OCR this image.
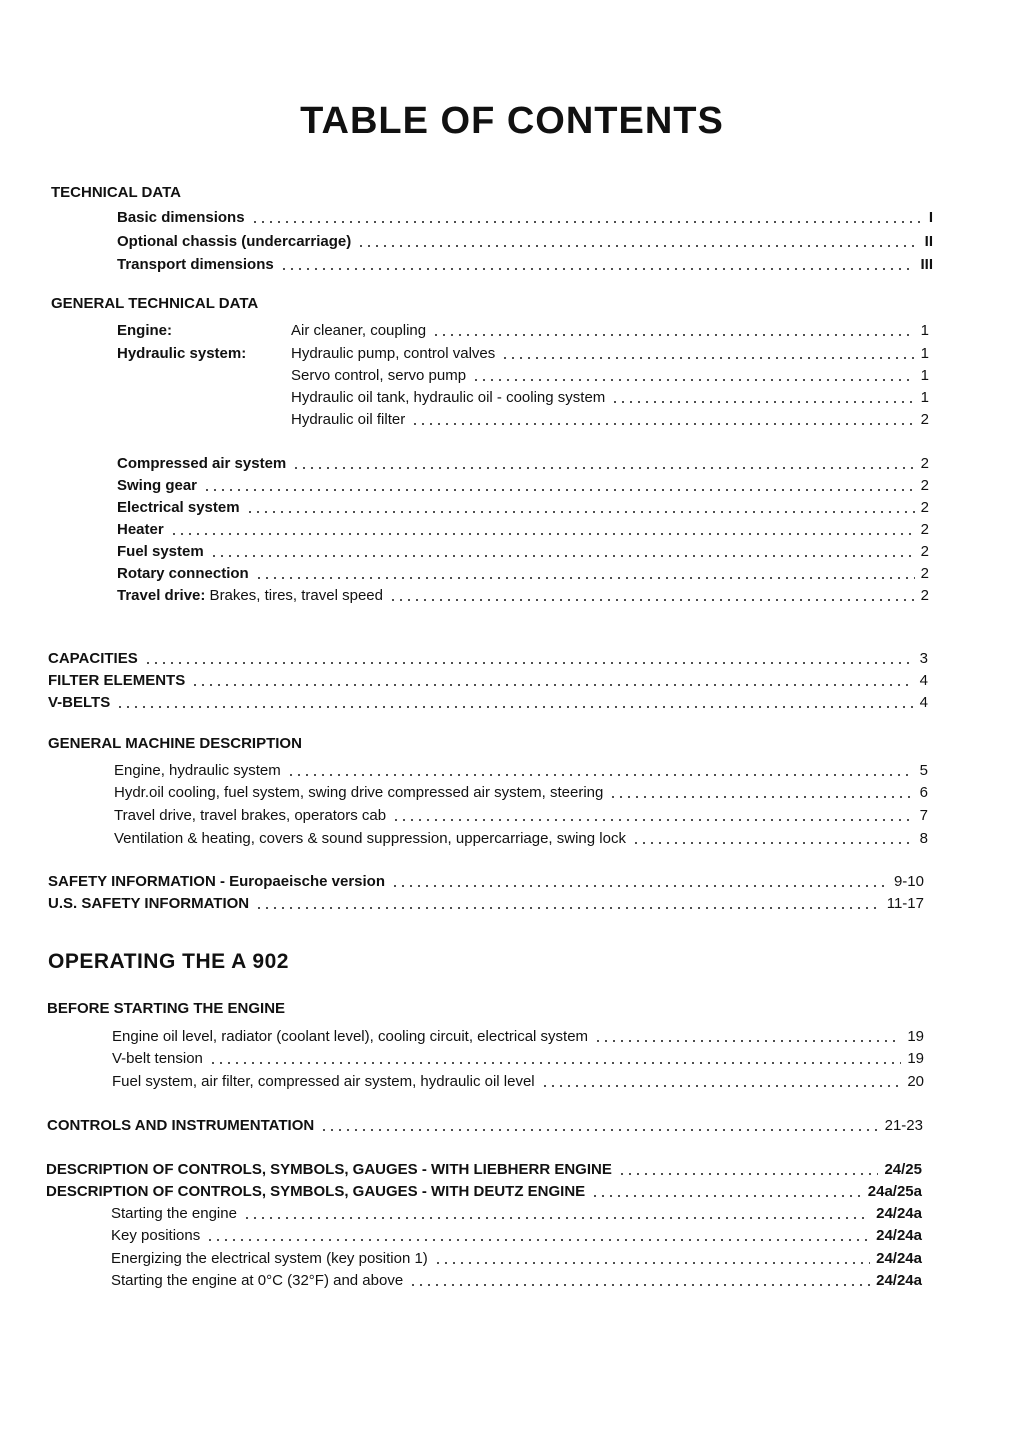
TABLE OF CONTENTS
TECHNICAL DATA
Basic dimensions	I
Optional chassis (undercarriage)	II
Transport dimensions	III
GENERAL TECHNICAL DATA
Engine:	Air cleaner, coupling	1
Hydraulic system:	Hydraulic pump, control valves	1
Servo control, servo pump	1
Hydraulic oil tank, hydraulic oil - cooling system	1
Hydraulic oil filter	2
Compressed air system	2
Swing gear	2
Electrical system	2
Heater	2
Fuel system	2
Rotary connection	2
Travel drive: Brakes, tires, travel speed	2
CAPACITIES	3
FILTER ELEMENTS	4
V-BELTS	4
GENERAL MACHINE DESCRIPTION
Engine, hydraulic system	5
Hydr.oil cooling, fuel system, swing drive compressed air system, steering	6
Travel drive, travel brakes, operators cab	7
Ventilation & heating, covers & sound suppression, uppercarriage, swing lock	8
SAFETY INFORMATION - Europaeische version	9-10
U.S. SAFETY INFORMATION	11-17
OPERATING THE A 902
BEFORE STARTING THE ENGINE
Engine oil level, radiator (coolant level), cooling circuit, electrical system	19
V-belt tension	19
Fuel system, air filter, compressed air system, hydraulic oil level	20
CONTROLS AND INSTRUMENTATION	21-23
DESCRIPTION OF CONTROLS, SYMBOLS, GAUGES - WITH LIEBHERR ENGINE	24/25
DESCRIPTION OF CONTROLS, SYMBOLS, GAUGES - WITH DEUTZ ENGINE	24a/25a
Starting the engine	24/24a
Key positions	24/24a
Energizing the electrical system (key position 1)	24/24a
Starting the engine at 0°C (32°F) and above	24/24a
